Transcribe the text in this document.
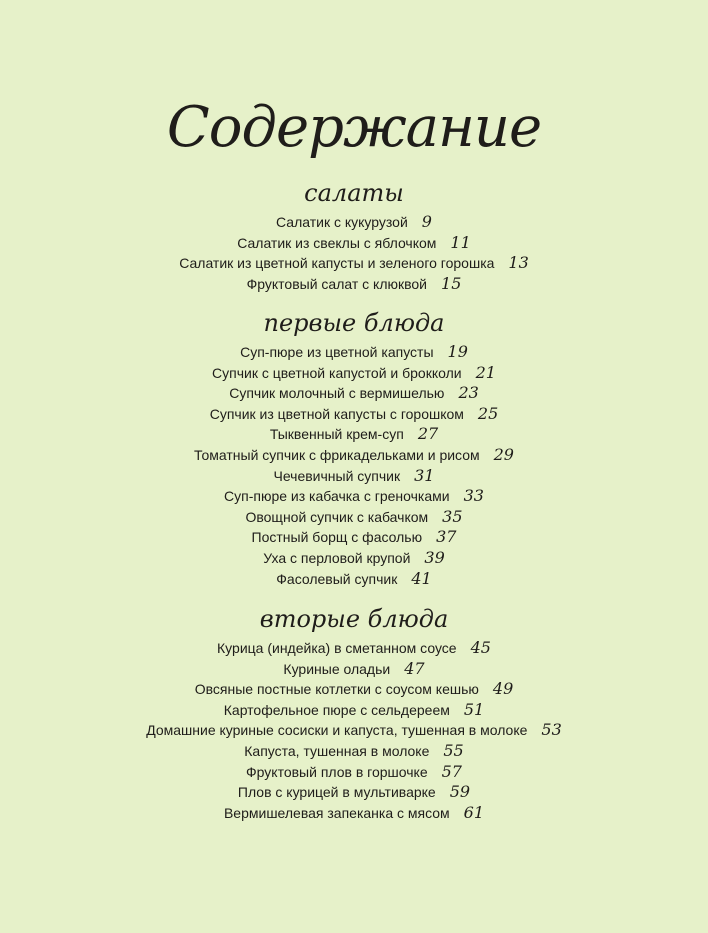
Содержание
салаты
Салатик с кукурузой 9
Салатик из свеклы с яблочком 11
Салатик из цветной капусты и зеленого горошка 13
Фруктовый салат с клюквой 15
первые блюда
Суп-пюре из цветной капусты 19
Супчик с цветной капустой и брокколи 21
Супчик молочный с вермишелью 23
Супчик из цветной капусты с горошком 25
Тыквенный крем-суп 27
Томатный супчик с фрикадельками и рисом 29
Чечевичный супчик 31
Суп-пюре из кабачка с греночками 33
Овощной супчик с кабачком 35
Постный борщ с фасолью 37
Уха с перловой крупой 39
Фасолевый супчик 41
вторые блюда
Курица (индейка) в сметанном соусе 45
Куриные оладьи 47
Овсяные постные котлетки с соусом кешью 49
Картофельное пюре с сельдереем 51
Домашние куриные сосиски и капуста, тушенная в молоке 53
Капуста, тушенная в молоке 55
Фруктовый плов в горшочке 57
Плов с курицей в мультиварке 59
Вермишелевая запеканка с мясом 61
